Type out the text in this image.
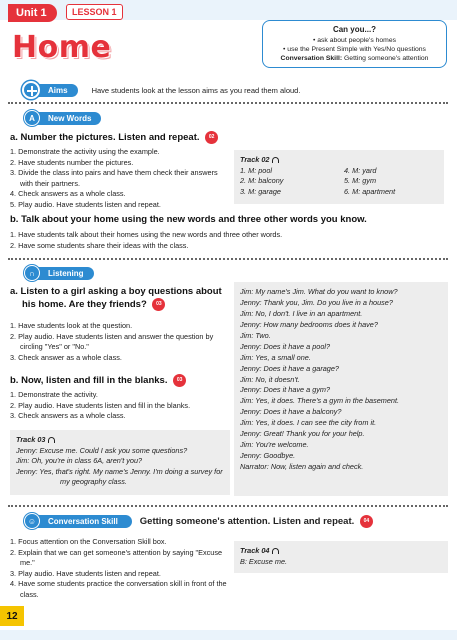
Unit 1	LESSON 1
Home
Can you...?
• ask about people's homes
• use the Present Simple with Yes/No questions
Conversation Skill: Getting someone's attention
Aims	Have students look at the lesson aims as you read them aloud.
A	New Words
a. Number the pictures. Listen and repeat. 02
1. Demonstrate the activity using the example.
2. Have students number the pictures.
3. Divide the class into pairs and have them check their answers with their partners.
4. Check answers as a whole class.
5. Play audio. Have students listen and repeat.
Track 02
1. M: pool
2. M: balcony
3. M: garage
4. M: yard
5. M: gym
6. M: apartment
b. Talk about your home using the new words and three other words you know.
1. Have students talk about their homes using the new words and three other words.
2. Have some students share their ideas with the class.
∩	Listening
a. Listen to a girl asking a boy questions about
his home. Are they friends? 03
1. Have students look at the question.
2. Play audio. Have students listen and answer the question by circling "Yes" or "No."
3. Check answer as a whole class.
b. Now, listen and fill in the blanks. 03
1. Demonstrate the activity.
2. Play audio. Have students listen and fill in the blanks.
3. Check answers as a whole class.
Track 03
Jenny: Excuse me. Could I ask you some questions?
Jim: Oh, you're in class 6A, aren't you?
Jenny: Yes, that's right. My name's Jenny. I'm doing a survey for my geography class.
Jim: My name's Jim. What do you want to know?
Jenny: Thank you, Jim. Do you live in a house?
Jim: No, I don't. I live in an apartment.
Jenny: How many bedrooms does it have?
Jim: Two.
Jenny: Does it have a pool?
Jim: Yes, a small one.
Jenny: Does it have a garage?
Jim: No, it doesn't.
Jenny: Does it have a gym?
Jim: Yes, it does. There's a gym in the basement.
Jenny: Does it have a balcony?
Jim: Yes, it does. I can see the city from it.
Jenny: Great! Thank you for your help.
Jim: You're welcome.
Jenny: Goodbye.
Narrator: Now, listen again and check.
☺	Conversation Skill	Getting someone's attention. Listen and repeat. 04
1. Focus attention on the Conversation Skill box.
2. Explain that we can get someone's attention by saying "Excuse me."
3. Play audio. Have students listen and repeat.
4. Have some students practice the conversation skill in front of the class.
Track 04
B: Excuse me.
12
